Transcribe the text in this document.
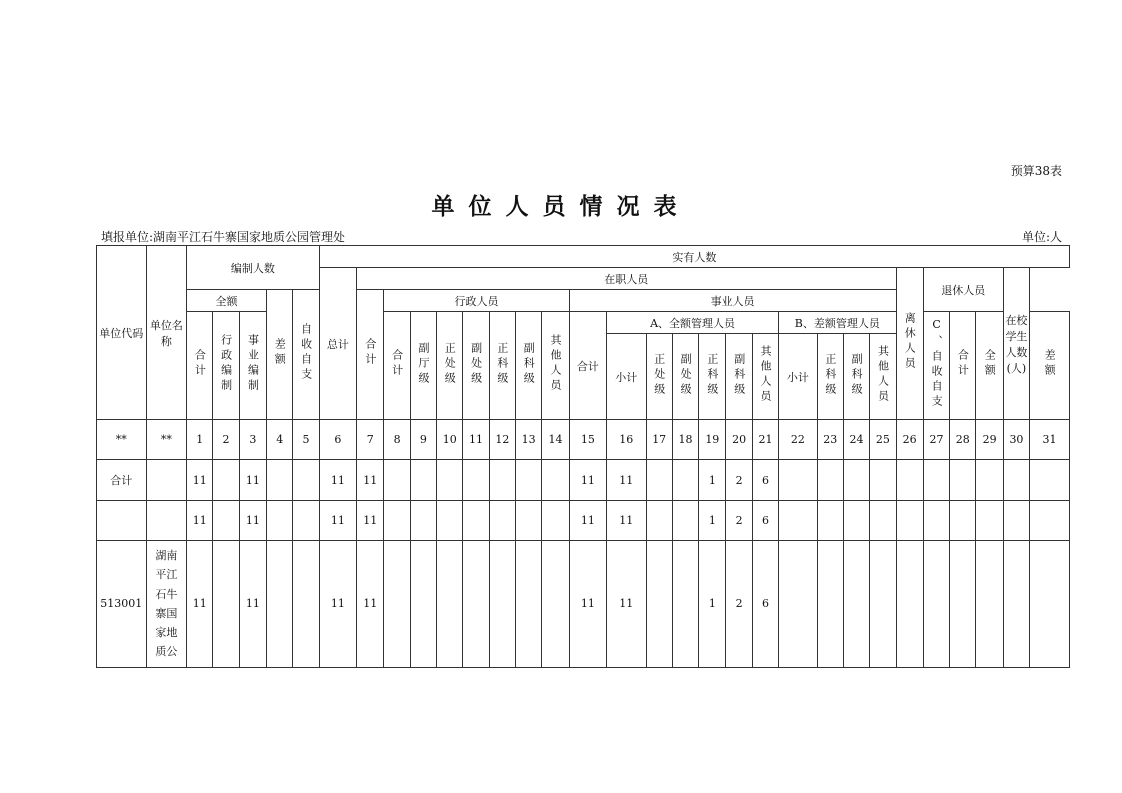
预算38表
单位人员情况表
填报单位:湖南平江石牛寨国家地质公园管理处	单位:人
单位代码	单位名称	编制人数					实有人数																									
							总计	在职人员																			离休人员	退休人员			在校学生人数(人)	
		全额			差额	自收自支		合计	行政人员							事业人员																
		合计	行政编制	事业编制					合计	副厅级	正处级	副处级	正科级	副科级	其他人员	合计	A、全额管理人员						B、差额管理人员					C、自收自支	合计	全额		差额
																	小计	正处级	副处级	正科级	副科级	其他人员	小计	正科级	副科级	其他人员						
**	**	1	2	3	4	5	6	7	8	9	10	11	12	13	14	15	16	17	18	19	20	21	22	23	24	25	26	27	28	29	30	31
合计		11		11			11	11								11	11			1	2	6										
		11		11			11	11								11	11			1	2	6										
513001	湖南平江石牛寨国家地质公	11		11			11	11								11	11			1	2	6										
